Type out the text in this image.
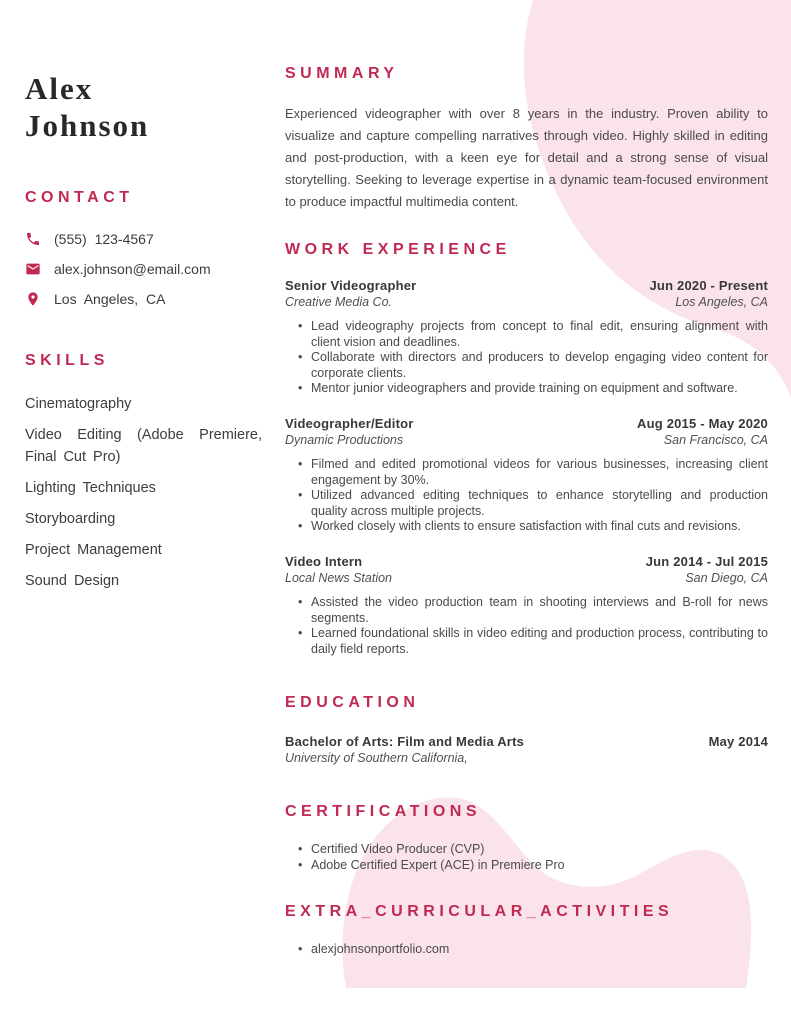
Alex
Johnson
CONTACT
(555) 123-4567
alex.johnson@email.com
Los Angeles, CA
SKILLS
Cinematography
Video Editing (Adobe Premiere, Final Cut Pro)
Lighting Techniques
Storyboarding
Project Management
Sound Design
SUMMARY
Experienced videographer with over 8 years in the industry. Proven ability to visualize and capture compelling narratives through video. Highly skilled in editing and post-production, with a keen eye for detail and a strong sense of visual storytelling. Seeking to leverage expertise in a dynamic team-focused environment to produce impactful multimedia content.
WORK EXPERIENCE
Senior Videographer	Jun 2020 - Present
Creative Media Co.	Los Angeles, CA
• Lead videography projects from concept to final edit, ensuring alignment with client vision and deadlines.
• Collaborate with directors and producers to develop engaging video content for corporate clients.
• Mentor junior videographers and provide training on equipment and software.
Videographer/Editor	Aug 2015 - May 2020
Dynamic Productions	San Francisco, CA
• Filmed and edited promotional videos for various businesses, increasing client engagement by 30%.
• Utilized advanced editing techniques to enhance storytelling and production quality across multiple projects.
• Worked closely with clients to ensure satisfaction with final cuts and revisions.
Video Intern	Jun 2014 - Jul 2015
Local News Station	San Diego, CA
• Assisted the video production team in shooting interviews and B-roll for news segments.
• Learned foundational skills in video editing and production process, contributing to daily field reports.
EDUCATION
Bachelor of Arts: Film and Media Arts	May 2014
University of Southern California,
CERTIFICATIONS
• Certified Video Producer (CVP)
• Adobe Certified Expert (ACE) in Premiere Pro
EXTRA_CURRICULAR_ACTIVITIES
• alexjohnsonportfolio.com
